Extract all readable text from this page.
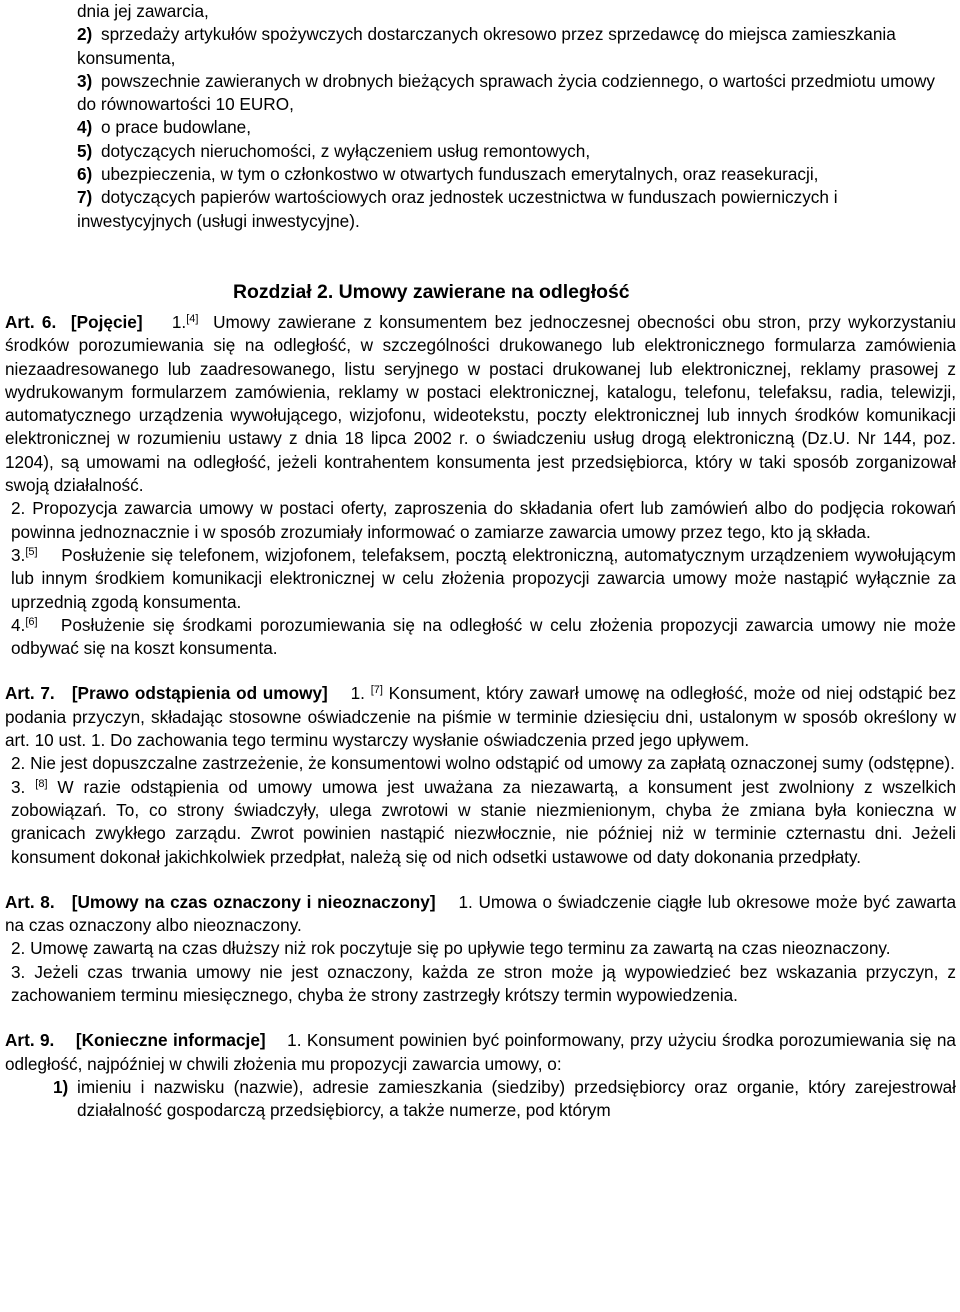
dnia jej zawarcia,
2) sprzedaży artykułów spożywczych dostarczanych okresowo przez sprzedawcę do miejsca zamieszkania konsumenta,
3) powszechnie zawieranych w drobnych bieżących sprawach życia codziennego, o wartości przedmiotu umowy do równowartości 10 EURO,
4) o prace budowlane,
5) dotyczących nieruchomości, z wyłączeniem usług remontowych,
6) ubezpieczenia, w tym o członkostwo w otwartych funduszach emerytalnych, oraz reasekuracji,
7) dotyczących papierów wartościowych oraz jednostek uczestnictwa w funduszach powierniczych i inwestycyjnych (usługi inwestycyjne).
Rozdział 2. Umowy zawierane na odległość

Art. 6. [Pojęcie] 1.[4] Umowy zawierane z konsumentem bez jednoczesnej obecności obu stron, przy wykorzystaniu środków porozumiewania się na odległość, w szczególności drukowanego lub elektronicznego formularza zamówienia niezaadresowanego lub zaadresowanego, listu seryjnego w postaci drukowanej lub elektronicznej, reklamy prasowej z wydrukowanym formularzem zamówienia, reklamy w postaci elektronicznej, katalogu, telefonu, telefaksu, radia, telewizji, automatycznego urządzenia wywołującego, wizjofonu, wideotekstu, poczty elektronicznej lub innych środków komunikacji elektronicznej w rozumieniu ustawy z dnia 18 lipca 2002 r. o świadczeniu usług drogą elektroniczną (Dz.U. Nr 144, poz. 1204), są umowami na odległość, jeżeli kontrahentem konsumenta jest przedsiębiorca, który w taki sposób zorganizował swoją działalność.

2. Propozycja zawarcia umowy w postaci oferty, zaproszenia do składania ofert lub zamówień albo do podjęcia rokowań powinna jednoznacznie i w sposób zrozumiały informować o zamiarze zawarcia umowy przez tego, kto ją składa.

3.[5] Posłużenie się telefonem, wizjofonem, telefaksem, pocztą elektroniczną, automatycznym urządzeniem wywołującym lub innym środkiem komunikacji elektronicznej w celu złożenia propozycji zawarcia umowy może nastąpić wyłącznie za uprzednią zgodą konsumenta.

4.[6] Posłużenie się środkami porozumiewania się na odległość w celu złożenia propozycji zawarcia umowy nie może odbywać się na koszt konsumenta.

Art. 7. [Prawo odstąpienia od umowy] 1. [7] Konsument, który zawarł umowę na odległość, może od niej odstąpić bez podania przyczyn, składając stosowne oświadczenie na piśmie w terminie dziesięciu dni, ustalonym w sposób określony w art. 10 ust. 1. Do zachowania tego terminu wystarczy wysłanie oświadczenia przed jego upływem.

2. Nie jest dopuszczalne zastrzeżenie, że konsumentowi wolno odstąpić od umowy za zapłatą oznaczonej sumy (odstępne).

3. [8] W razie odstąpienia od umowy umowa jest uważana za niezawartą, a konsument jest zwolniony z wszelkich zobowiązań. To, co strony świadczyły, ulega zwrotowi w stanie niezmienionym, chyba że zmiana była konieczna w granicach zwykłego zarządu. Zwrot powinien nastąpić niezwłocznie, nie później niż w terminie czternastu dni. Jeżeli konsument dokonał jakichkolwiek przedpłat, należą się od nich odsetki ustawowe od daty dokonania przedpłaty.

Art. 8. [Umowy na czas oznaczony i nieoznaczony] 1. Umowa o świadczenie ciągłe lub okresowe może być zawarta na czas oznaczony albo nieoznaczony.

2. Umowę zawartą na czas dłuższy niż rok poczytuje się po upływie tego terminu za zawartą na czas nieoznaczony.

3. Jeżeli czas trwania umowy nie jest oznaczony, każda ze stron może ją wypowiedzieć bez wskazania przyczyn, z zachowaniem terminu miesięcznego, chyba że strony zastrzegły krótszy termin wypowiedzenia.

Art. 9. [Konieczne informacje] 1. Konsument powinien być poinformowany, przy użyciu środka porozumiewania się na odległość, najpóźniej w chwili złożenia mu propozycji zawarcia umowy, o:

1) imieniu i nazwisku (nazwie), adresie zamieszkania (siedziby) przedsiębiorcy oraz organie, który zarejestrował działalność gospodarczą przedsiębiorcy, a także numerze, pod którym
